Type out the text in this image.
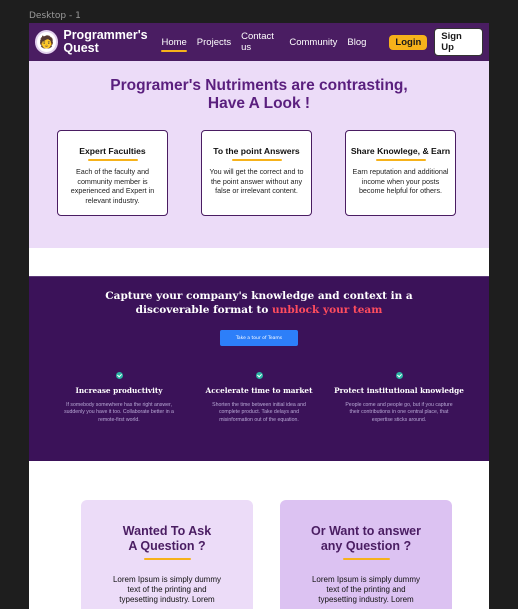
Desktop - 1
🧑 Programmer's Quest	Home Projects Contact us	Community Blog	Login	Sign Up
Programer's Nutriments are contrasting,
Have A Look !
Expert Faculties
Each of the faculty and community member is experienced and Expert in relevant industry.
To the point Answers
You will get the correct and to the point answer without any false or irrelevant content.
Share Knowlege, & Earn
Earn reputation and additional income when your posts become helpful for others.
Capture your company's knowledge and context in a
discoverable format to unblock your team
Take a tour of Teams
Increase productivity
If somebody somewhere has the right answer, suddenly you have it too. Collaborate better in a remote-first world.
Accelerate time to market
Shorten the time between initial idea and complete product. Take delays and misinformation out of the equation.
Protect institutional knowledge
People come and people go, but if you capture their contributions in one central place, that expertise sticks around.
Wanted To Ask
A Question ?
Lorem Ipsum is simply dummy text of the printing and typesetting industry. Lorem
Or Want to answer
any Question ?
Lorem Ipsum is simply dummy text of the printing and typesetting industry. Lorem
